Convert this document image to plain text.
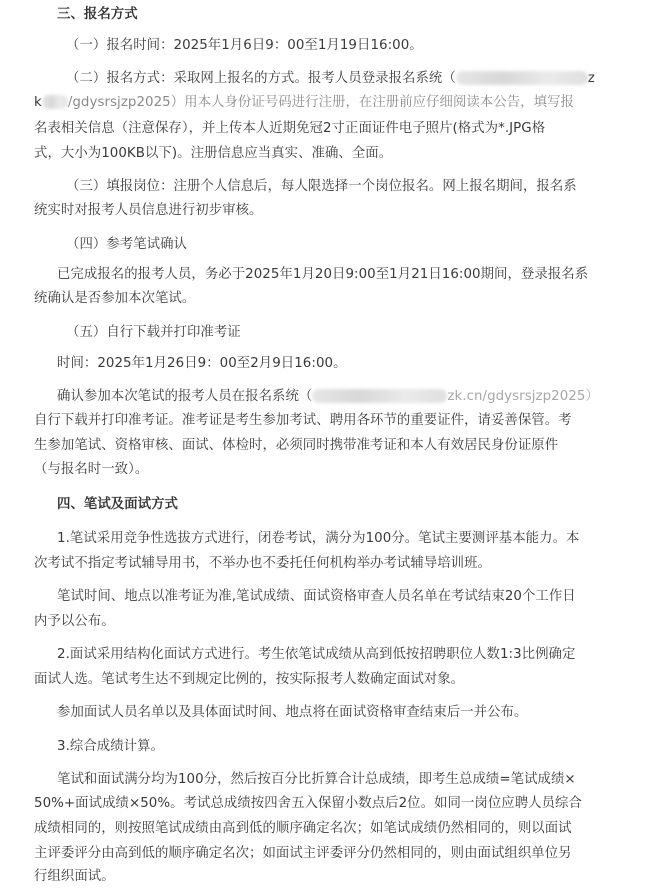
三、报名方式
（一）报名时间：2025年1月6日9：00至1月19日16:00。
（二）报名方式：采取网上报名的方式。报考人员登录报名系统（	z
k /gdysrsjzp2025）用本人身份证号码进行注册，在注册前应仔细阅读本公告，填写报
名表相关信息（注意保存），并上传本人近期免冠2寸正面证件电子照片(格式为*.JPG格
式，大小为100KB以下)。注册信息应当真实、准确、全面。
（三）填报岗位：注册个人信息后，每人限选择一个岗位报名。网上报名期间，报名系
统实时对报考人员信息进行初步审核。
（四）参考笔试确认
已完成报名的报考人员，务必于2025年1月20日9:00至1月21日16:00期间，登录报名系
统确认是否参加本次笔试。
（五）自行下载并打印准考证
时间：2025年1月26日9：00至2月9日16:00。
确认参加本次笔试的报考人员在报名系统（	zk.cn/gdysrsjzp2025）
自行下载并打印准考证。准考证是考生参加考试、聘用各环节的重要证件，请妥善保管。考
生参加笔试、资格审核、面试、体检时，必须同时携带准考证和本人有效居民身份证原件
（与报名时一致）。
四、笔试及面试方式
1.笔试采用竞争性选拔方式进行，闭卷考试，满分为100分。笔试主要测评基本能力。本
次考试不指定考试辅导用书，不举办也不委托任何机构举办考试辅导培训班。
笔试时间、地点以准考证为准,笔试成绩、面试资格审查人员名单在考试结束20个工作日
内予以公布。
2.面试采用结构化面试方式进行。考生依笔试成绩从高到低按招聘职位人数1:3比例确定
面试人选。笔试考生达不到规定比例的，按实际报考人数确定面试对象。
参加面试人员名单以及具体面试时间、地点将在面试资格审查结束后一并公布。
3.综合成绩计算。
笔试和面试满分均为100分，然后按百分比折算合计总成绩，即考生总成绩=笔试成绩×
50%+面试成绩×50%。考试总成绩按四舍五入保留小数点后2位。如同一岗位应聘人员综合
成绩相同的，则按照笔试成绩由高到低的顺序确定名次；如笔试成绩仍然相同的，则以面试
主评委评分由高到低的顺序确定名次；如面试主评委评分仍然相同的，则由面试组织单位另
行组织面试。
